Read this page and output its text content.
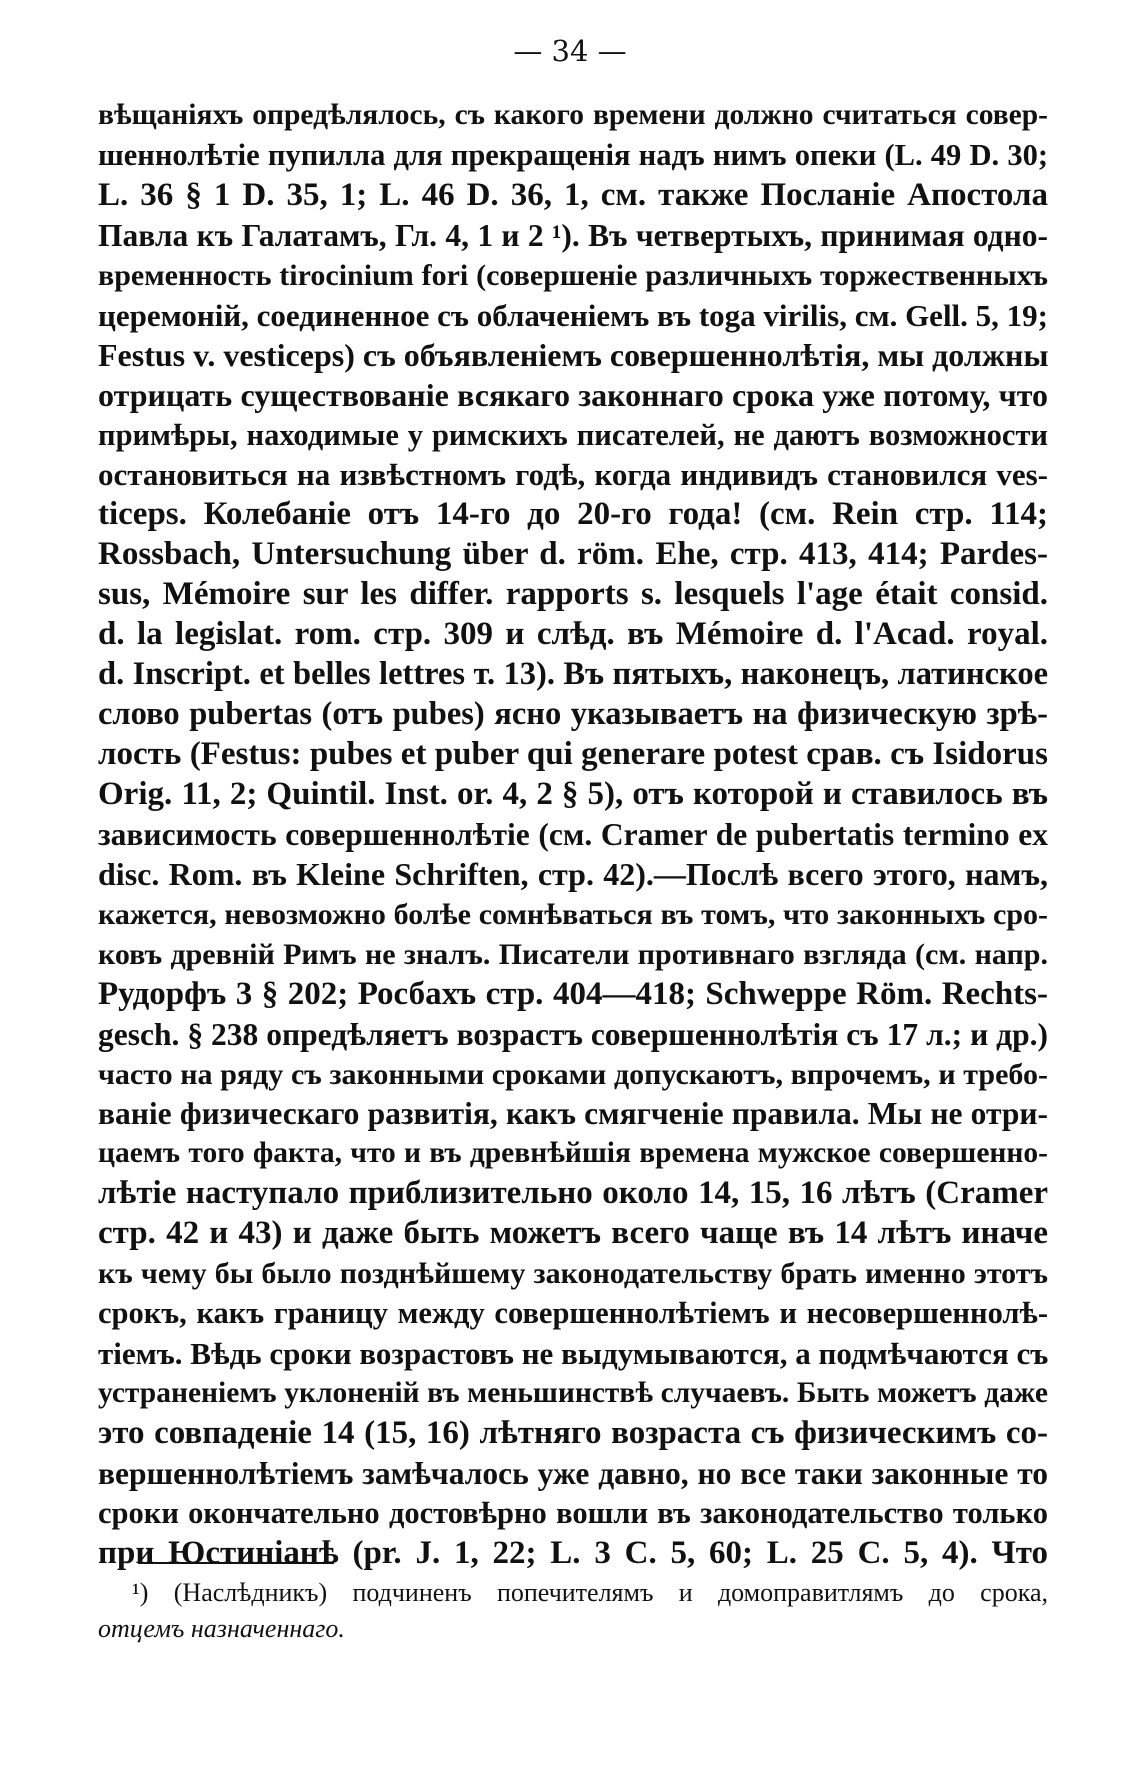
— 34 —
вѣщаніяхъ опредѣлялось, съ какого времени должно считаться совер-
шеннолѣтіе пупилла для прекращенія надъ нимъ опеки (L. 49 D. 30;
L. 36 § 1 D. 35, 1; L. 46 D. 36, 1, см. также Посланіе Апостола
Павла къ Галатамъ, Гл. 4, 1 и 2 ¹). Въ четвертыхъ, принимая одно-
временность tirocinium fori (совершеніе различныхъ торжественныхъ
церемоній, соединенное съ облаченіемъ въ toga virilis, см. Gell. 5, 19;
Festus v. vesticeps) съ объявленіемъ совершеннолѣтія, мы должны
отрицать существованіе всякаго законнаго срока уже потому, что
примѣры, находимые у римскихъ писателей, не даютъ возможности
остановиться на извѣстномъ годѣ, когда индивидъ становился ves-
ticeps. Колебаніе отъ 14-го до 20-го года! (см. Rein стр. 114;
Rossbach, Untersuchung über d. röm. Ehe, стр. 413, 414; Pardes-
sus, Mémoire sur les differ. rapports s. lesquels l'age était consid.
d. la legislat. rom. стр. 309 и слѣд. въ Mémoire d. l'Acad. royal.
d. Inscript. et belles lettres т. 13). Въ пятыхъ, наконецъ, латинское
слово pubertas (отъ pubes) ясно указываетъ на физическую зрѣ-
лость (Festus: pubes et puber qui generare potest срав. съ Isidorus
Orig. 11, 2; Quintil. Inst. or. 4, 2 § 5), отъ которой и ставилось въ
зависимость совершеннолѣтіе (см. Cramer de pubertatis termino ex
disc. Rom. въ Kleine Schriften, стр. 42).—Послѣ всего этого, намъ,
кажется, невозможно болѣе сомнѣваться въ томъ, что законныхъ сро-
ковъ древній Римъ не зналъ. Писатели противнаго взгляда (см. напр.
Рудорфъ 3 § 202; Росбахъ стр. 404—418; Schweppe Röm. Rechts-
gesch. § 238 опредѣляетъ возрастъ совершеннолѣтія съ 17 л.; и др.)
часто на ряду съ законными сроками допускаютъ, впрочемъ, и требо-
ваніе физическаго развитія, какъ смягченіе правила. Мы не отри-
цаемъ того факта, что и въ древнѣйшія времена мужское совершенно-
лѣтіе наступало приблизительно около 14, 15, 16 лѣтъ (Cramer
стр. 42 и 43) и даже быть можетъ всего чаще въ 14 лѣтъ иначе
къ чему бы было позднѣйшему законодательству брать именно этотъ
срокъ, какъ границу между совершеннолѣтіемъ и несовершеннолѣ-
тіемъ. Вѣдь сроки возрастовъ не выдумываются, а подмѣчаются съ
устраненіемъ уклоненій въ меньшинствѣ случаевъ. Быть можетъ даже
это совпаденіе 14 (15, 16) лѣтняго возраста съ физическимъ со-
вершеннолѣтіемъ замѣчалось уже давно, но все таки законные то
сроки окончательно достовѣрно вошли въ законодательство только
при Юстиніанѣ (pr. J. 1, 22; L. 3 C. 5, 60; L. 25 C. 5, 4). Что
¹) (Наслѣдникъ) подчиненъ попечителямъ и домоправитлямъ до срока,
отцемъ назначеннаго.
